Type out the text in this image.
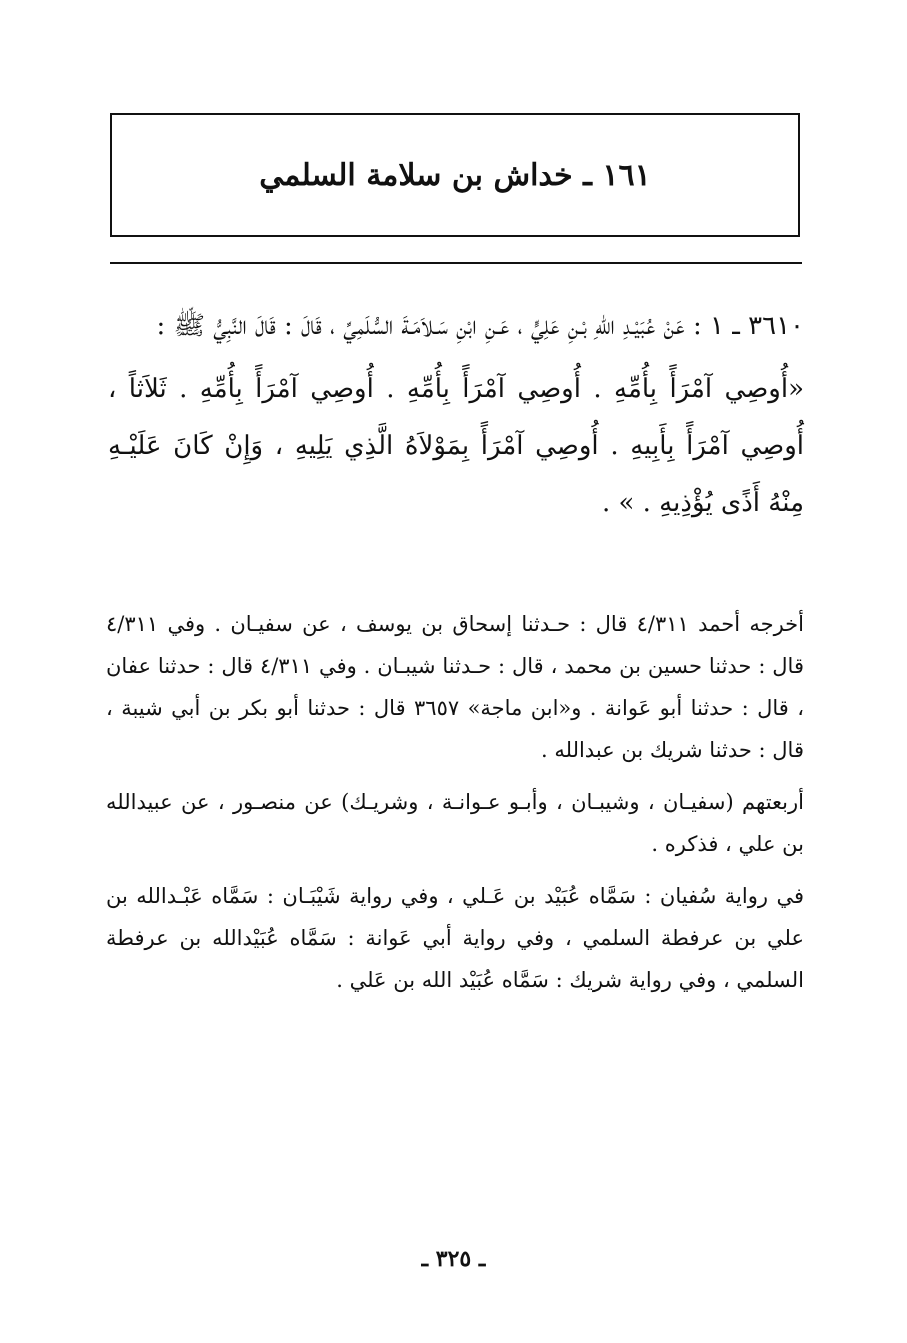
١٦١ ـ خداش بن سلامة السلمي

٣٦١٠ ـ ١ : عَنْ عُبَيْـدِ اللّهِ بْـنِ عَلِيٍّ ، عَـنِ ابْنِ سَـلاَمَـةَ السُّلَمِيِّ ، قَالَ : قَالَ النَّبِيُّ ﷺ :

«أُوصِي آمْرَأً بِأُمِّهِ . أُوصِي آمْرَأً بِأُمِّهِ . أُوصِي آمْرَأً بِأُمِّهِ . ثَلاَثاً ، أُوصِي آمْرَأً بِأَبِيهِ . أُوصِي آمْرَأً بِمَوْلاَهُ الَّذِي يَلِيهِ ، وَإِنْ كَانَ عَلَيْـهِ مِنْهُ أَذًى يُؤْذِيهِ . » .

أخرجه أحمد ٤/٣١١ قال : حـدثنا إسحاق بن يوسف ، عن سفيـان . وفي ٤/٣١١ قال : حدثنا حسين بن محمد ، قال : حـدثنا شيبـان . وفي ٤/٣١١ قال : حدثنا عفان ، قال : حدثنا أبو عَوانة . و«ابن ماجة» ٣٦٥٧ قال : حدثنا أبو بكر بن أبي شيبة ، قال : حدثنا شريك بن عبدالله .

أربعتهم (سفيـان ، وشيبـان ، وأبـو عـوانـة ، وشريـك) عن منصـور ، عن عبيدالله بن علي ، فذكره .

في رواية سُفيان : سَمَّاه عُبَيْد بن عَـلي ، وفي رواية شَيْبَـان : سَمَّاه عَبْـدالله بن علي بن عرفطة السلمي ، وفي رواية أبي عَوانة : سَمَّاه عُبَيْدالله بن عرفطة السلمي ، وفي رواية شريك : سَمَّاه عُبَيْد الله بن عَلي .

ـ ٣٢٥ ـ
